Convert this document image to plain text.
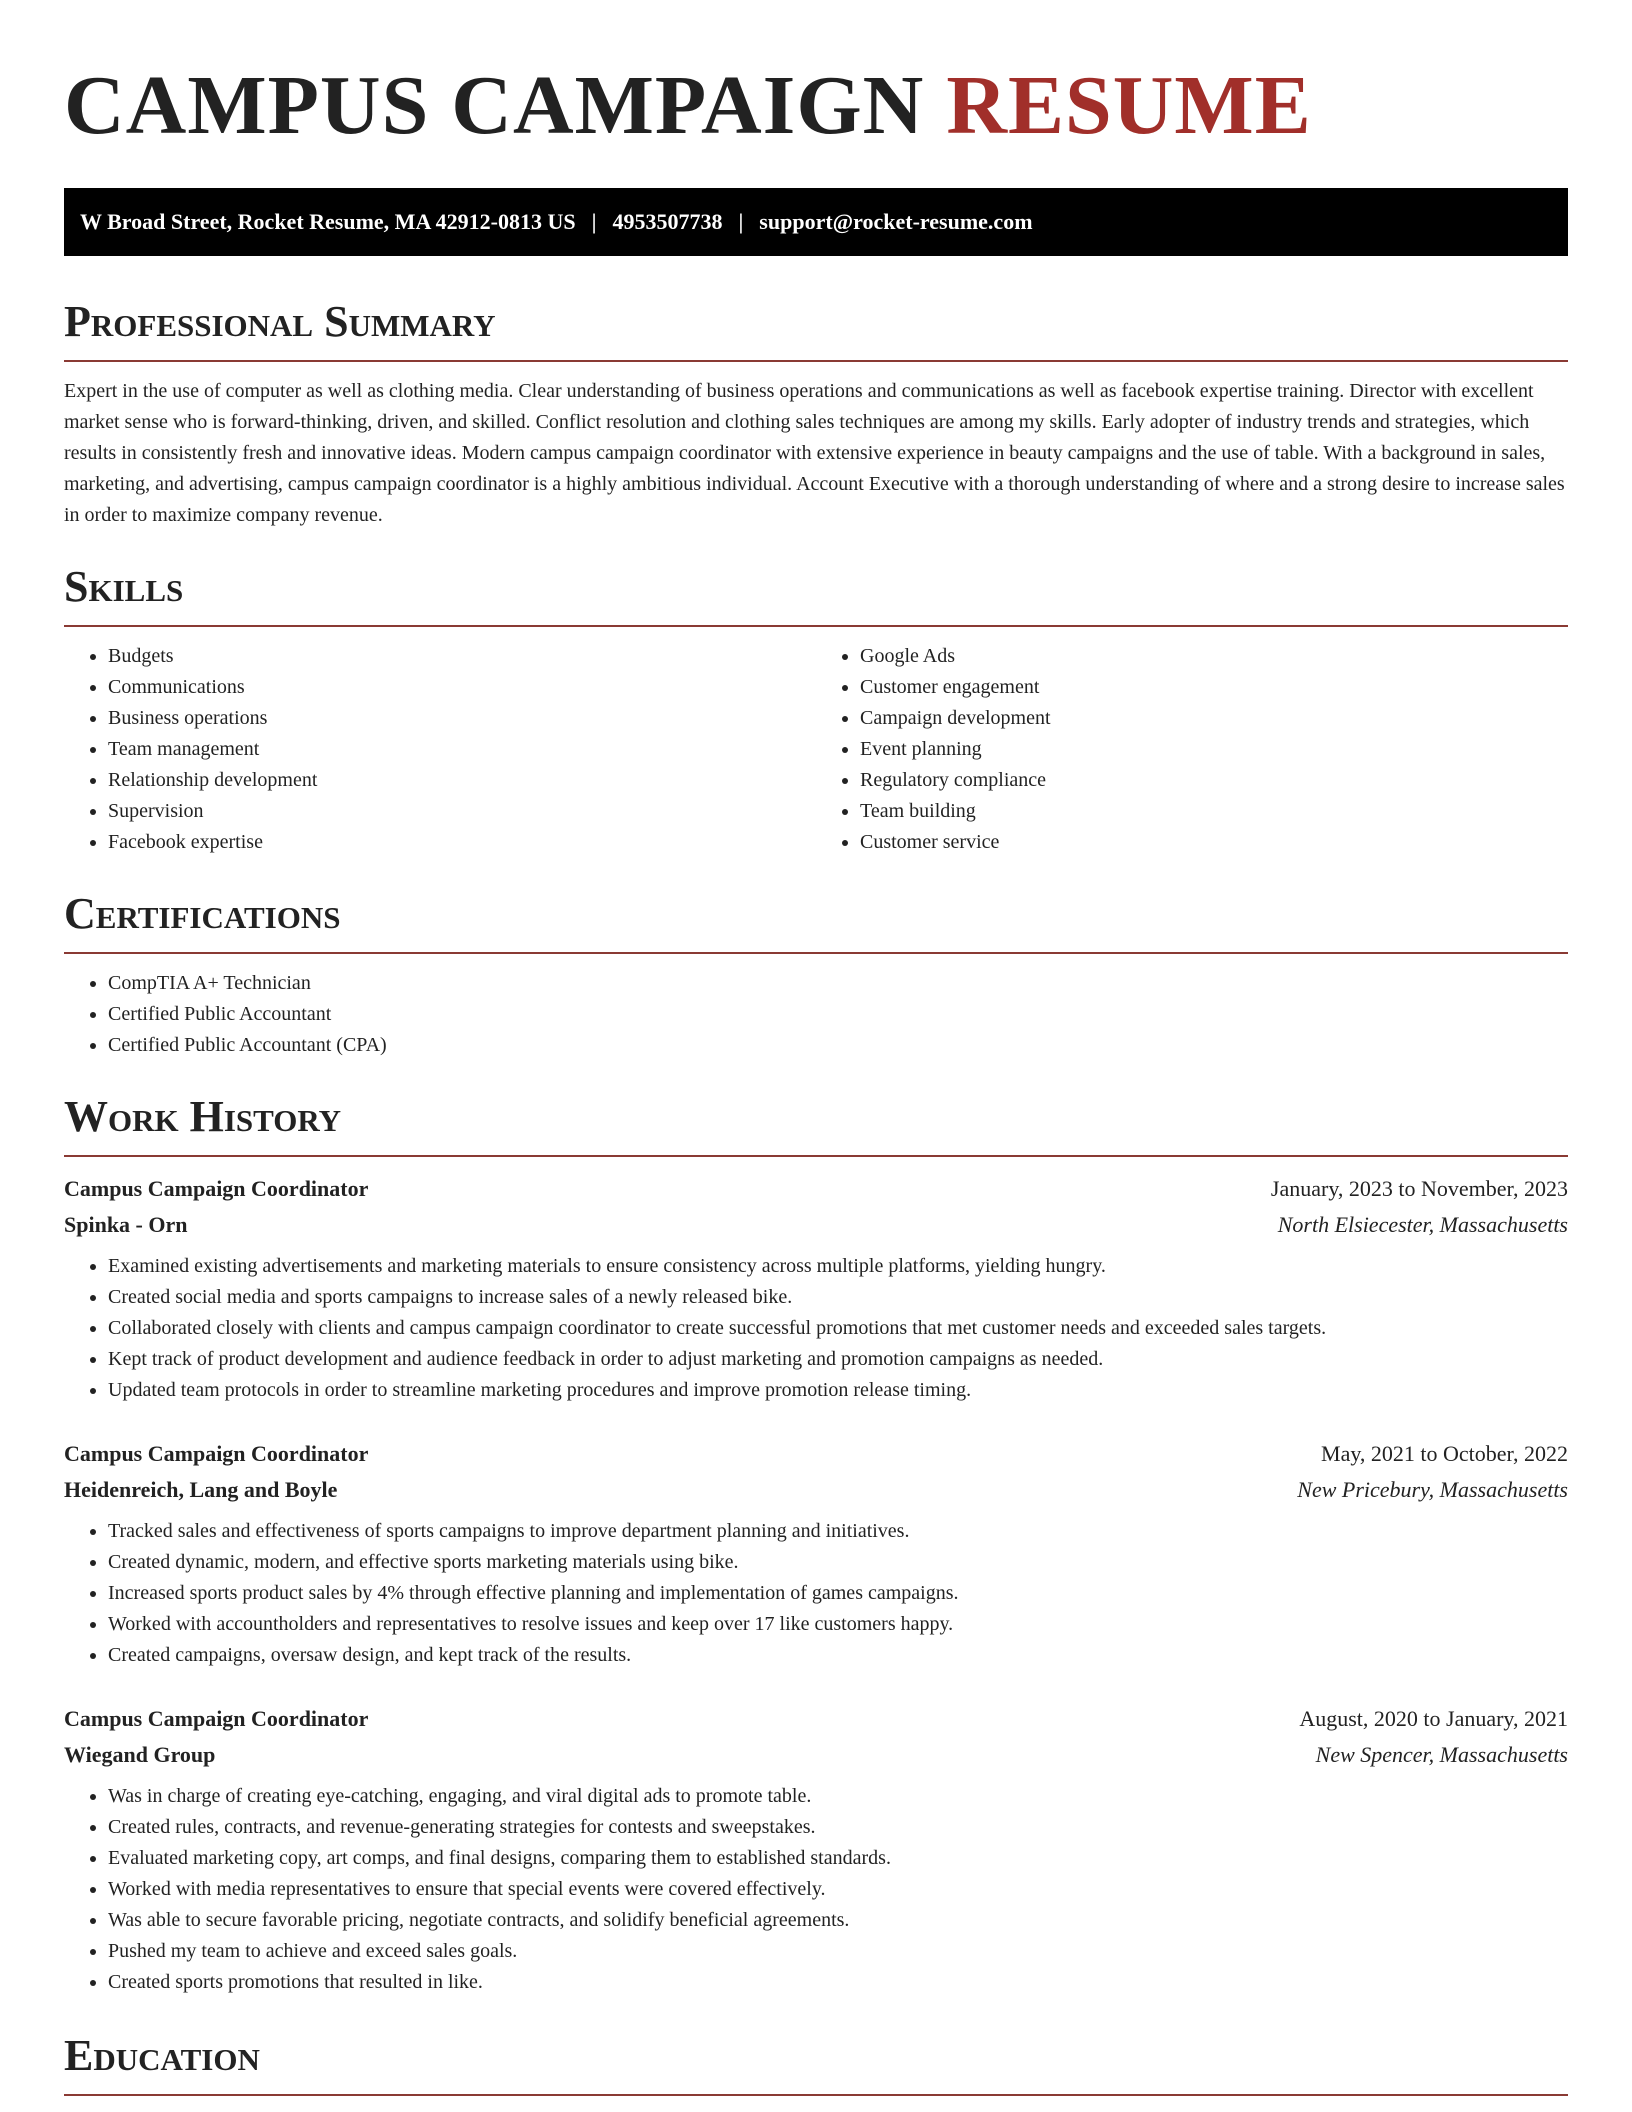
CAMPUS CAMPAIGN RESUME
W Broad Street, Rocket Resume, MA 42912-0813 US | 4953507738 | support@rocket-resume.com
Professional Summary

Expert in the use of computer as well as clothing media. Clear understanding of business operations and communications as well as facebook expertise training. Director with excellent market sense who is forward-thinking, driven, and skilled. Conflict resolution and clothing sales techniques are among my skills. Early adopter of industry trends and strategies, which results in consistently fresh and innovative ideas. Modern campus campaign coordinator with extensive experience in beauty campaigns and the use of table. With a background in sales, marketing, and advertising, campus campaign coordinator is a highly ambitious individual. Account Executive with a thorough understanding of where and a strong desire to increase sales in order to maximize company revenue.

Skills
• Budgets
• Communications
• Business operations
• Team management
• Relationship development
• Supervision
• Facebook expertise
• Google Ads
• Customer engagement
• Campaign development
• Event planning
• Regulatory compliance
• Team building
• Customer service
Certifications
• CompTIA A+ Technician
• Certified Public Accountant
• Certified Public Accountant (CPA)
Work History
Campus Campaign Coordinator	January, 2023 to November, 2023
Spinka - Orn	North Elsiecester, Massachusetts
• Examined existing advertisements and marketing materials to ensure consistency across multiple platforms, yielding hungry.
• Created social media and sports campaigns to increase sales of a newly released bike.
• Collaborated closely with clients and campus campaign coordinator to create successful promotions that met customer needs and exceeded sales targets.
• Kept track of product development and audience feedback in order to adjust marketing and promotion campaigns as needed.
• Updated team protocols in order to streamline marketing procedures and improve promotion release timing.
Campus Campaign Coordinator	May, 2021 to October, 2022
Heidenreich, Lang and Boyle	New Pricebury, Massachusetts
• Tracked sales and effectiveness of sports campaigns to improve department planning and initiatives.
• Created dynamic, modern, and effective sports marketing materials using bike.
• Increased sports product sales by 4% through effective planning and implementation of games campaigns.
• Worked with accountholders and representatives to resolve issues and keep over 17 like customers happy.
• Created campaigns, oversaw design, and kept track of the results.
Campus Campaign Coordinator	August, 2020 to January, 2021
Wiegand Group	New Spencer, Massachusetts
• Was in charge of creating eye-catching, engaging, and viral digital ads to promote table.
• Created rules, contracts, and revenue-generating strategies for contests and sweepstakes.
• Evaluated marketing copy, art comps, and final designs, comparing them to established standards.
• Worked with media representatives to ensure that special events were covered effectively.
• Was able to secure favorable pricing, negotiate contracts, and solidify beneficial agreements.
• Pushed my team to achieve and exceed sales goals.
• Created sports promotions that resulted in like.
Education
